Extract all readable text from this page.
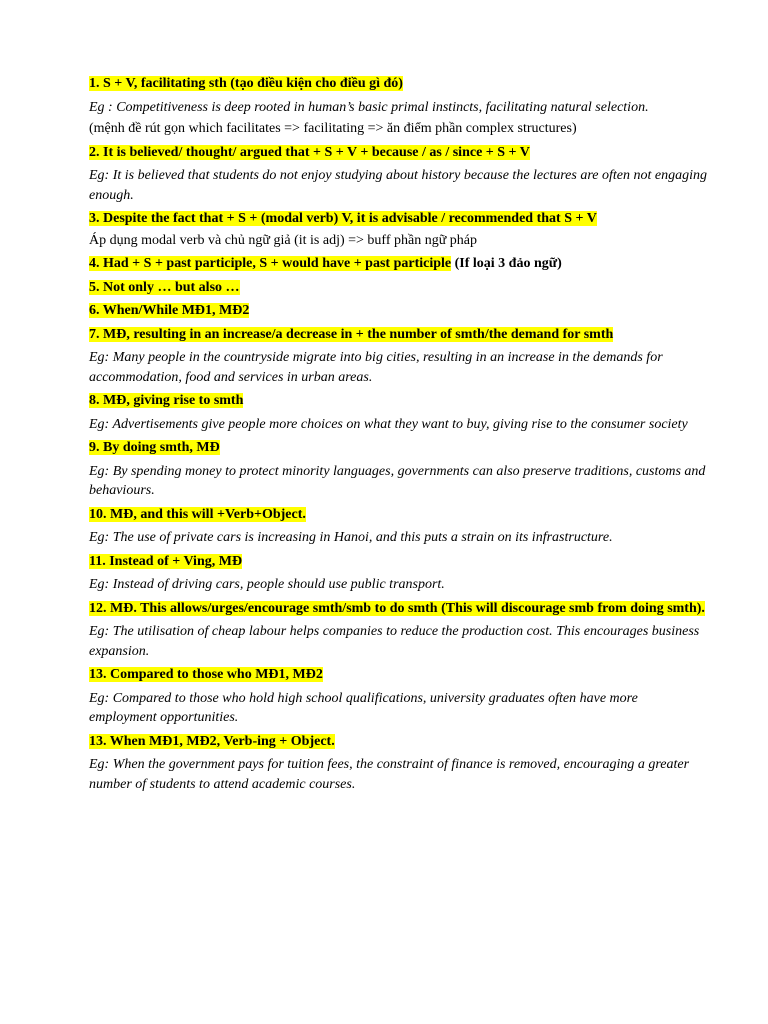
1. S + V, facilitating sth (tạo điều kiện cho điều gì đó)

Eg : Competitiveness is deep rooted in human’s basic primal instincts, facilitating natural selection.

(mệnh đề rút gọn which facilitates => facilitating => ăn điểm phần complex structures)

2. It is believed/ thought/ argued that + S + V + because / as / since + S + V

Eg: It is believed that students do not enjoy studying about history because the lectures are often not engaging enough.

3. Despite the fact that + S + (modal verb) V, it is advisable / recommended that S + V

Áp dụng modal verb và chủ ngữ giả (it is adj) => buff phần ngữ pháp

4. Had + S + past participle, S + would have + past participle (If loại 3 đảo ngữ)

5. Not only … but also …

6. When/While MĐ1, MĐ2

7. MĐ, resulting in an increase/a decrease in + the number of smth/the demand for smth

Eg: Many people in the countryside migrate into big cities, resulting in an increase in the demands for accommodation, food and services in urban areas.

8. MĐ, giving rise to smth

Eg: Advertisements give people more choices on what they want to buy, giving rise to the consumer society

9. By doing smth, MĐ

Eg: By spending money to protect minority languages, governments can also preserve traditions, customs and behaviours.

10. MĐ, and this will +Verb+Object.

Eg: The use of private cars is increasing in Hanoi, and this puts a strain on its infrastructure.

11. Instead of + Ving, MĐ

Eg: Instead of driving cars, people should use public transport.

12. MĐ. This allows/urges/encourage smth/smb to do smth (This will discourage smb from doing smth).

Eg: The utilisation of cheap labour helps companies to reduce the production cost. This encourages business expansion.

13. Compared to those who MĐ1, MĐ2

Eg: Compared to those who hold high school qualifications, university graduates often have more employment opportunities.

13. When MĐ1, MĐ2, Verb-ing + Object.

Eg: When the government pays for tuition fees, the constraint of finance is removed, encouraging a greater number of students to attend academic courses.
